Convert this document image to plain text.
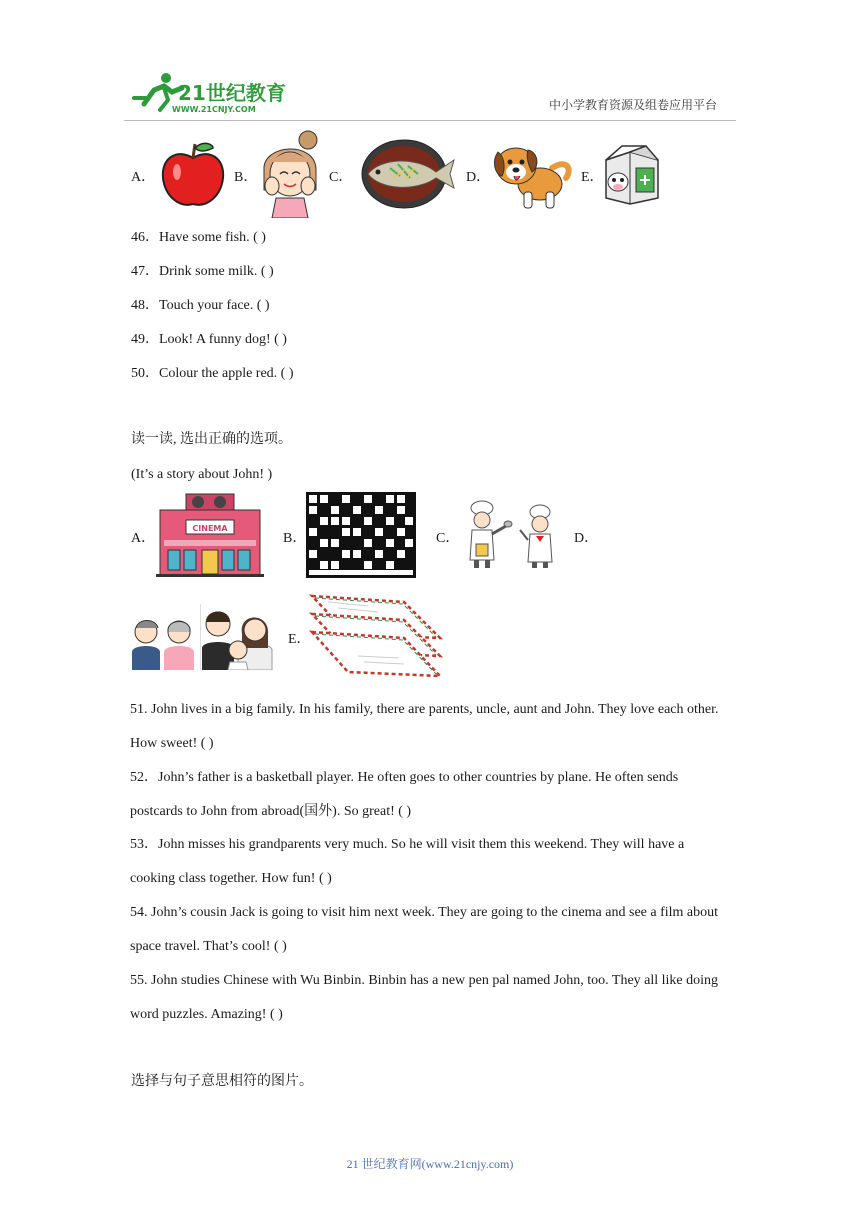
21世纪教育
WWW.21CNJY.COM	中小学教育资源及组卷应用平台
A．	B．	C．	D．	E．
46．Have some fish. ( )
47．Drink some milk. ( )
48．Touch your face. ( )
49．Look! A funny dog! ( )
50．Colour the apple red. ( )
读一读, 选出正确的选项。
(It’s a story about John! )
A．
CINEMA
B．	C．	D．
E．
51. John lives in a big family. In his family, there are parents, uncle, aunt and John. They love each other. How sweet! ( )
52．John’s father is a basketball player. He often goes to other countries by plane. He often sends postcards to John from abroad(国外). So great! ( )
53．John misses his grandparents very much. So he will visit them this weekend. They will have a cooking class together. How fun! ( )
54. John’s cousin Jack is going to visit him next week. They are going to the cinema and see a film about space travel. That’s cool! ( )
55. John studies Chinese with Wu Binbin. Binbin has a new pen pal named John, too. They all like doing word puzzles. Amazing! ( )
选择与句子意思相符的图片。
21 世纪教育网(www.21cnjy.com)
